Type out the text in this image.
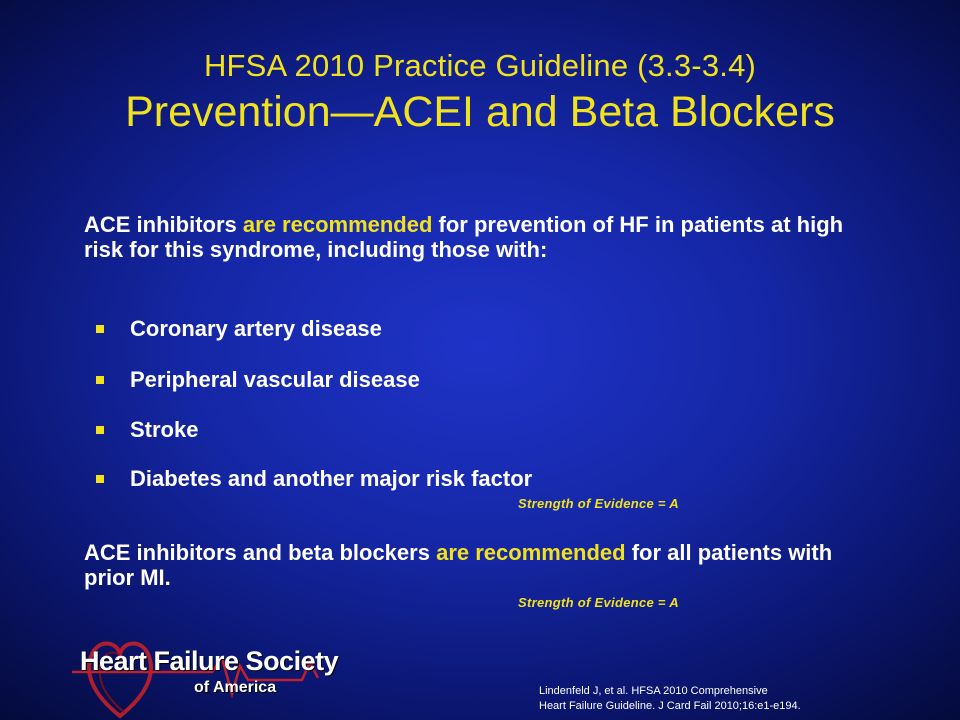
HFSA 2010 Practice Guideline (3.3-3.4)
Prevention—ACEI and Beta Blockers
ACE inhibitors are recommended for prevention of HF in patients at high risk for this syndrome, including those with:
Coronary artery disease
Peripheral vascular disease
Stroke
Diabetes and another major risk factor
Strength of Evidence = A
ACE inhibitors and beta blockers are recommended for all patients with prior MI.
Strength of Evidence = A
Heart Failure Society
of America	Lindenfeld J, et al. HFSA 2010 Comprehensive
Heart Failure Guideline. J Card Fail 2010;16:e1-e194.
